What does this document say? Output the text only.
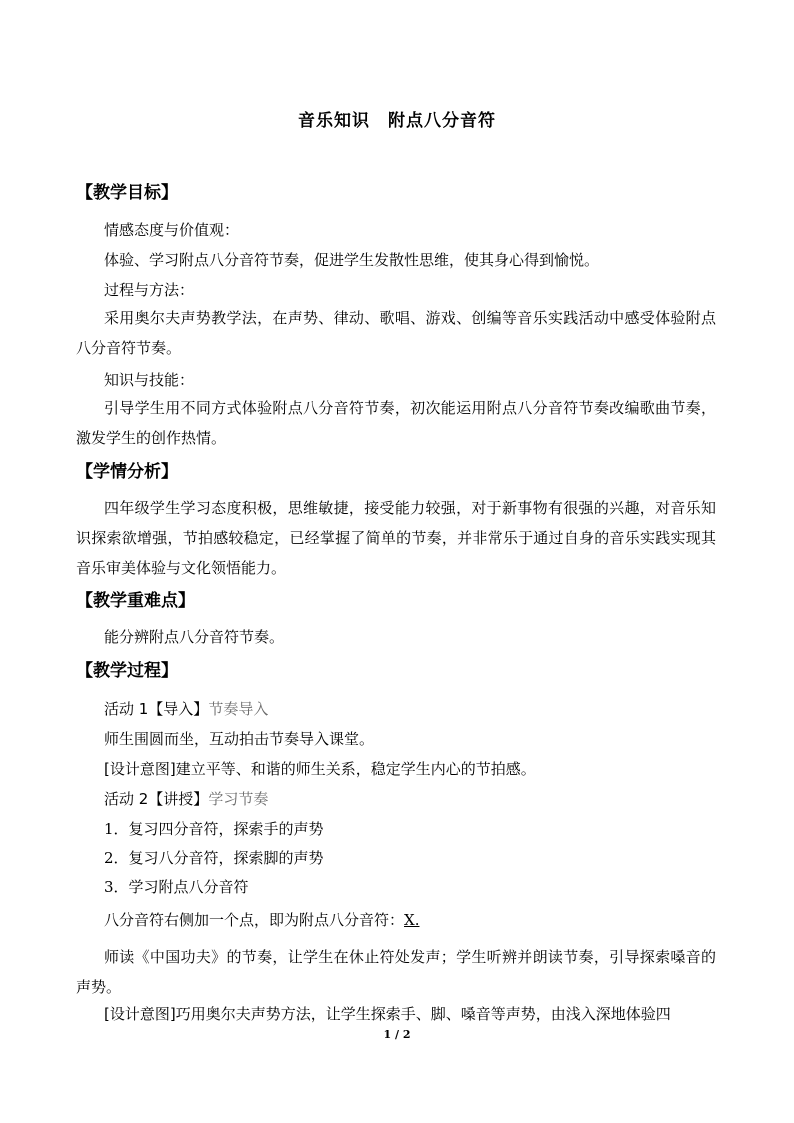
音乐知识 附点八分音符
【教学目标】
情感态度与价值观：
体验、学习附点八分音符节奏，促进学生发散性思维，使其身心得到愉悦。
过程与方法：
采用奥尔夫声势教学法，在声势、律动、歌唱、游戏、创编等音乐实践活动中感受体验附点八分音符节奏。
知识与技能：
引导学生用不同方式体验附点八分音符节奏，初次能运用附点八分音符节奏改编歌曲节奏，激发学生的创作热情。
【学情分析】
四年级学生学习态度积极，思维敏捷，接受能力较强，对于新事物有很强的兴趣，对音乐知识探索欲增强，节拍感较稳定，已经掌握了简单的节奏，并非常乐于通过自身的音乐实践实现其音乐审美体验与文化领悟能力。
【教学重难点】
能分辨附点八分音符节奏。
【教学过程】
活动 1【导入】节奏导入
师生围圆而坐，互动拍击节奏导入课堂。
[设计意图]建立平等、和谐的师生关系，稳定学生内心的节拍感。
活动 2【讲授】学习节奏
1．复习四分音符，探索手的声势
2．复习八分音符，探索脚的声势
3．学习附点八分音符
八分音符右侧加一个点，即为附点八分音符：X.
师读《中国功夫》的节奏，让学生在休止符处发声；学生听辨并朗读节奏，引导探索嗓音的声势。
[设计意图]巧用奥尔夫声势方法，让学生探索手、脚、嗓音等声势，由浅入深地体验四
1 / 2
